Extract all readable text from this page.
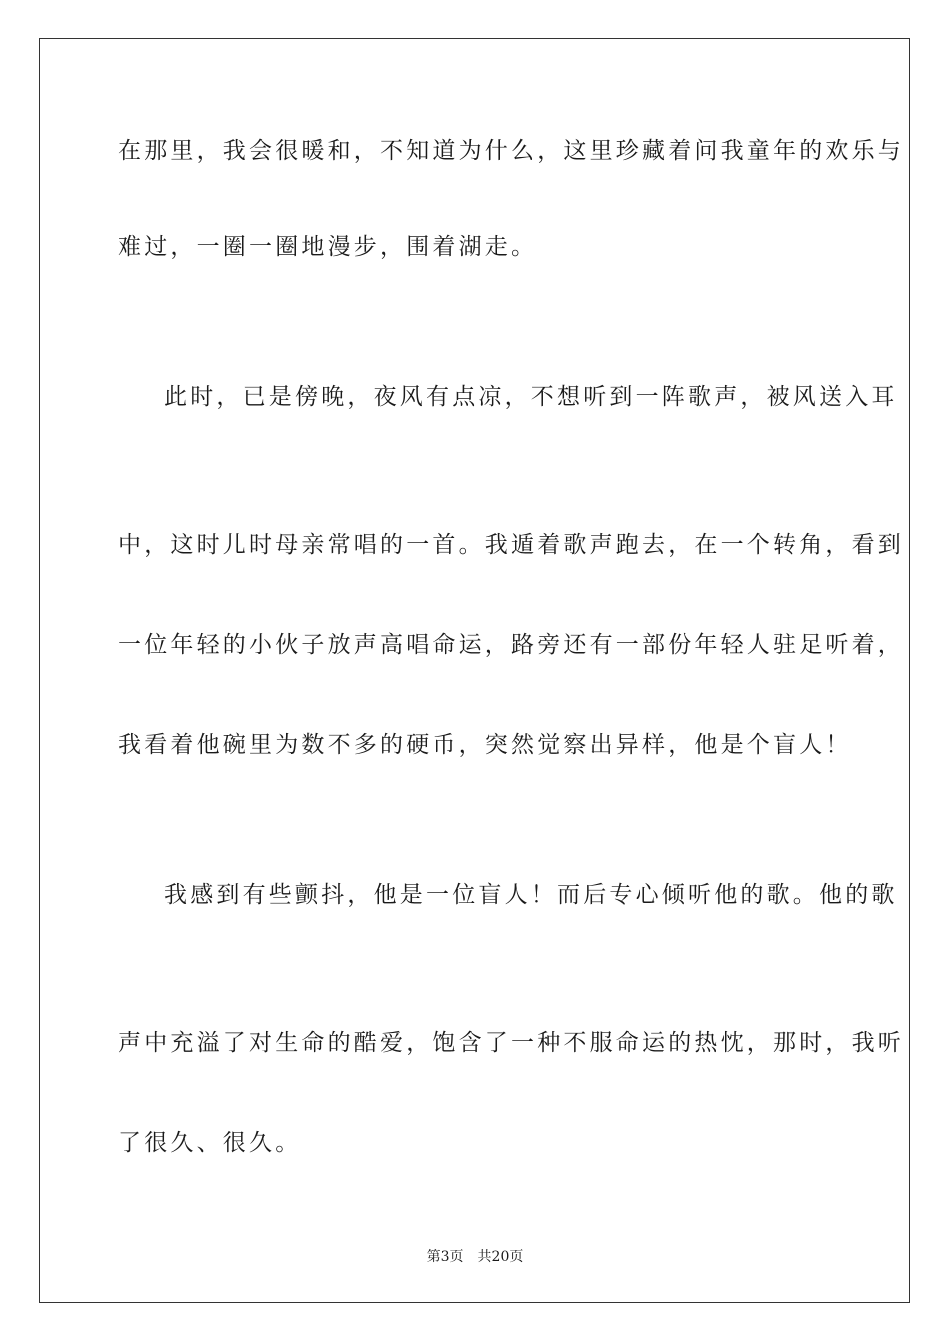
在那里，我会很暖和，不知道为什么，这里珍藏着问我童年的欢乐与
难过，一圈一圈地漫步，围着湖走。
此时，已是傍晚，夜风有点凉，不想听到一阵歌声，被风送入耳
中，这时儿时母亲常唱的一首。我遁着歌声跑去，在一个转角，看到
一位年轻的小伙子放声高唱命运，路旁还有一部份年轻人驻足听着，
我看着他碗里为数不多的硬币，突然觉察出异样，他是个盲人！
我感到有些颤抖，他是一位盲人！而后专心倾听他的歌。他的歌
声中充溢了对生命的酷爱，饱含了一种不服命运的热忱，那时，我听
了很久、很久。
第3页 共20页
